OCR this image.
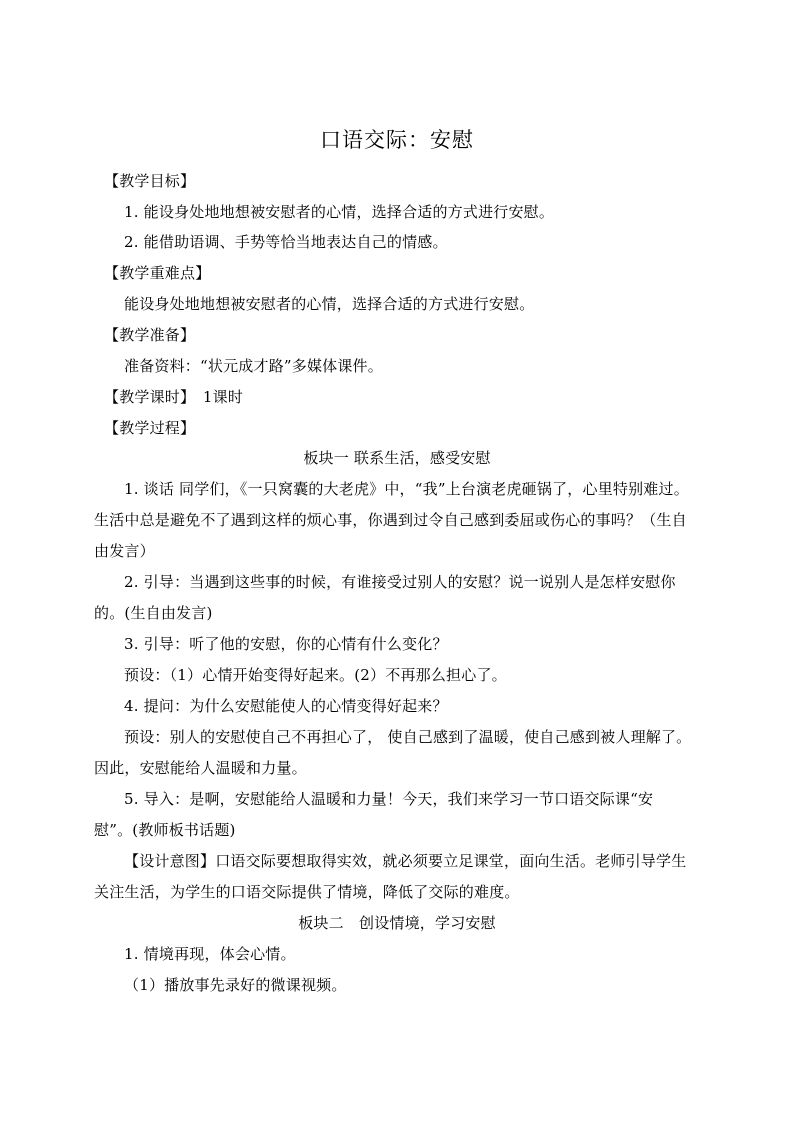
口语交际：安慰
【教学目标】
1. 能设身处地地想被安慰者的心情，选择合适的方式进行安慰。
2. 能借助语调、手势等恰当地表达自己的情感。
【教学重难点】
能设身处地地想被安慰者的心情，选择合适的方式进行安慰。
【教学准备】
准备资料：“状元成才路”多媒体课件。
【教学课时】　1课时
【教学过程】
板块一 联系生活，感受安慰
1. 谈话 同学们，《一只窝囊的大老虎》中，“我”上台演老虎砸锅了，心里特别难过。
生活中总是避免不了遇到这样的烦心事，你遇到过令自己感到委屈或伤心的事吗？（生自
由发言）
2. 引导：当遇到这些事的时候，有谁接受过别人的安慰？说一说别人是怎样安慰你
的。(生自由发言)
3. 引导：听了他的安慰，你的心情有什么变化？
预设：（1）心情开始变得好起来。(2）不再那么担心了。
4. 提问：为什么安慰能使人的心情变得好起来？
预设：别人的安慰使自己不再担心了， 使自己感到了温暖，使自己感到被人理解了。
因此，安慰能给人温暖和力量。
5. 导入：是啊，安慰能给人温暖和力量！今天，我们来学习一节口语交际课“安
慰”。(教师板书话题)
【设计意图】口语交际要想取得实效，就必须要立足课堂，面向生活。老师引导学生
关注生活，为学生的口语交际提供了情境，降低了交际的难度。
板块二　创设情境，学习安慰
1. 情境再现，体会心情。
（1）播放事先录好的微课视频。
